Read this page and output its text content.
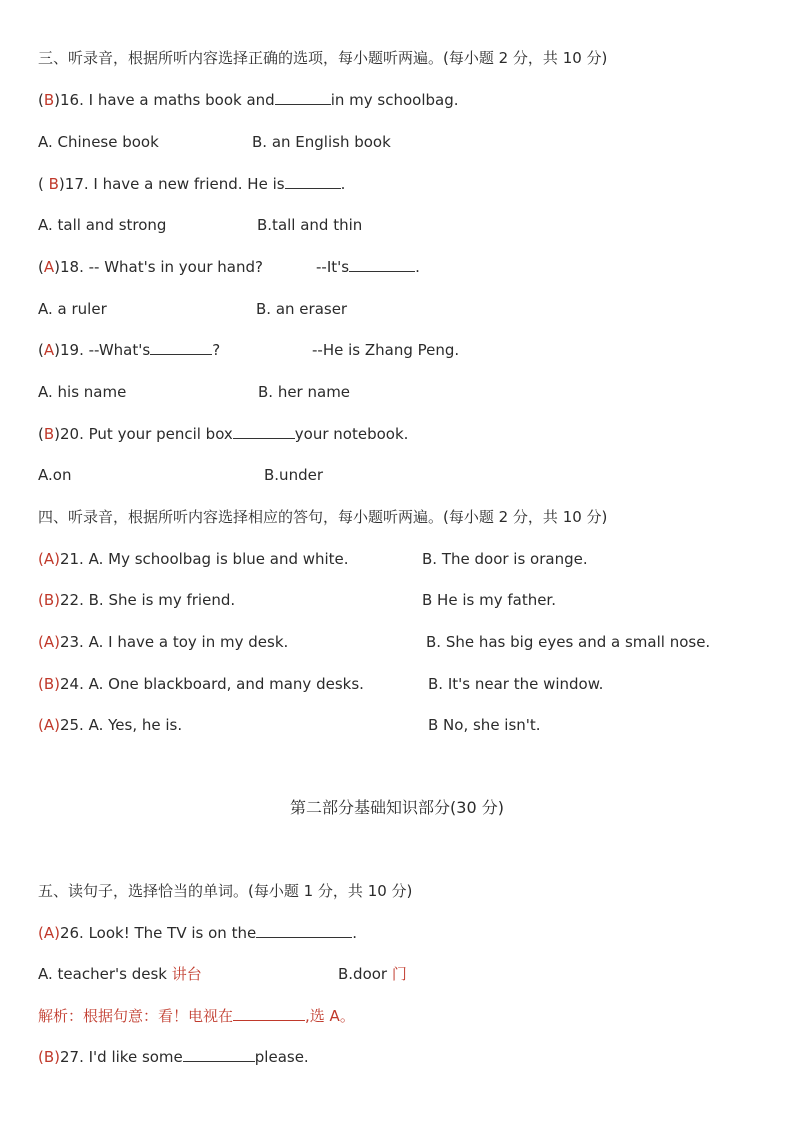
三、听录音，根据所听内容选择正确的选项，每小题听两遍。(每小题 2 分，共 10 分)
(B)16. I have a maths book and	in my schoolbag.
A. Chinese book	B. an English book
( B)17. I have a new friend. He is	.
A. tall and strong	B.tall and thin
(A)18. -- What's in your hand?	--It's	.
A. a ruler	B. an eraser
(A)19. --What's	?	--He is Zhang Peng.
A. his name	B. her name
(B)20. Put your pencil box	your notebook.
A.on	B.under
四、听录音，根据所听内容选择相应的答句，每小题听两遍。(每小题 2 分，共 10 分)
(A)21. A. My schoolbag is blue and white.	B. The door is orange.
(B)22. B. She is my friend.	B He is my father.
(A)23. A. I have a toy in my desk.	B. She has big eyes and a small nose.
(B)24. A. One blackboard, and many desks.	B. It's near the window.
(A)25. A. Yes, he is.	B No, she isn't.
第二部分基础知识部分(30 分)
五、读句子，选择恰当的单词。(每小题 1 分，共 10 分)
(A)26. Look! The TV is on the	.
A. teacher's desk 讲台	B.door 门
解析：根据句意：看！电视在	,选 A。
(B)27. I'd like some	please.
